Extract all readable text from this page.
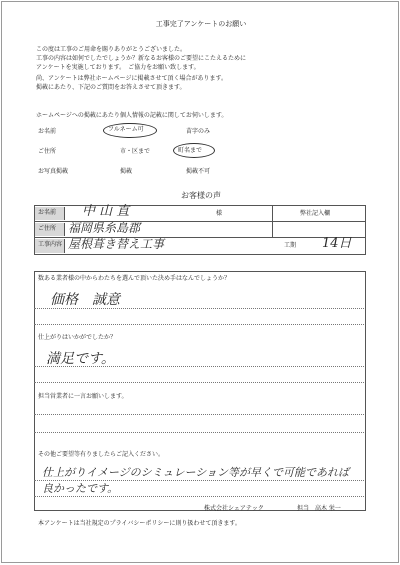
工事完了アンケートのお願い
この度は工事のご用命を賜りありがとうございました。
工事の内容は如何でしたでしょうか？新なるお客様のご要望にこたえるために
アンケートを実施しております。　ご協力をお願い致します。
尚、アンケートは弊社ホームページに掲載させて頂く場合があります。
掲載にあたり、下記のご質問をお答えさせて頂きます。
ホームページへの掲載にあたり個人情報の記載に関してお伺いします。
お名前	フルネーム可	苗字のみ
ご住所	市・区まで	町名まで
お写真掲載	掲載	掲載不可
お客様の声
お名前	中 山 直	様	弊社記入欄
ご住所 福岡県糸島郡
工事内容 屋根葺き替え工事	工期 14日
数ある業者様の中からわたちを選んで頂いた決め手はなんでしょうか？
価格　誠意
仕上がりはいかがでしたか？
満足です。
担当営業者に一言お願いします。
その他ご要望等有りましたらご記入ください。
仕上がりイメージのシミュレーション等が早くで可能であれば
良かったです。
株式会社シェアテック	担当　高木 栄一
本アンケートは当社規定のプライバシーポリシーに則り扱わせて頂きます。
